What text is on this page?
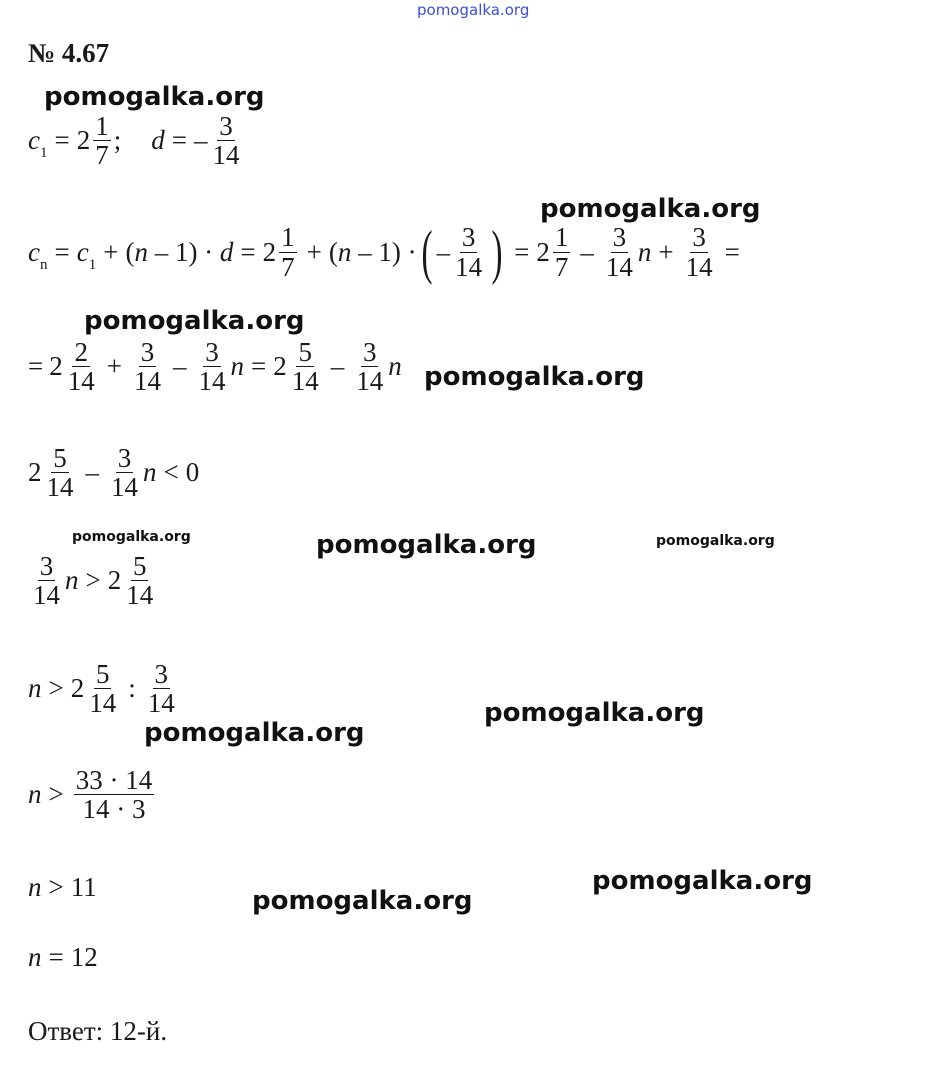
pomogalka.org
pomogalka.org
pomogalka.org
pomogalka.org
pomogalka.org
pomogalka.org	pomogalka.org	pomogalka.org
pomogalka.org
pomogalka.org
pomogalka.org
pomogalka.org
№ 4.67
$c_1 = 2 \frac{1}{7}$ ; d = – $\frac{3}{14}$
$c_n = c_1 + (n - 1) \cdot d = 2 \frac{1}{7} + (n - 1)$ · ( – $\frac{3}{14}$ ) = $2 \frac{1}{7} - \frac{3}{14}$ $n + \frac{3}{14}$ =
= $2 \frac{2}{14} + \frac{3}{14} - \frac{3}{14}$ $n = 2 \frac{5}{14} - \frac{3}{14}$ n
$2 \frac{5}{14} - \frac{3}{14}$ n < 0
$\frac{3}{14}$ $n > 2 \frac{5}{14}$
$n > 2 \frac{5}{14}$ : $\frac{3}{14}$
$n > \frac{33 \cdot 14}{14 \cdot 3}$
n > 11
n = 12
Ответ: 12-й.
